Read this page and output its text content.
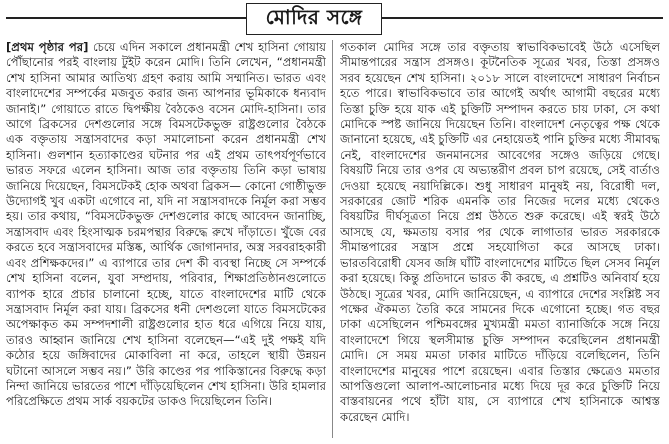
মোদির সঙ্গে

[প্রথম পৃষ্ঠার পর] চেয়ে এদিন সকালে প্রধানমন্ত্রী শেখ হাসিনা গোয়ায় পৌঁছানোর পরই বাংলায় টুইট করেন মোদি। তিনি লেখেন, “প্রধানমন্ত্রী শেখ হাসিনা আমার আতিথ্য গ্রহণ করায় আমি সম্মানিত। ভারত এবং বাংলাদেশের সম্পর্কের মজবুত করার জন্য আপনার ভূমিকাকে ধন্যবাদ জানাই।” গোয়াতে রাতে দ্বিপক্ষীয় বৈঠকেও বসেন মোদি-হাসিনা। তার আগে ব্রিকসের দেশগুলোর সঙ্গে বিমসটেকভুক্ত রাষ্ট্রগুলোর বৈঠকে এক বক্তৃতায় সন্ত্রাসবাদের কড়া সমালোচনা করেন প্রধানমন্ত্রী শেখ হাসিনা। গুলশান হত্যাকাণ্ডের ঘটনার পর এই প্রথম তাৎপর্যপূর্ণভাবে ভারত সফরে এলেন হাসিনা। আজ তার বক্তৃতায় তিনি কড়া ভাষায় জানিয়ে দিয়েছেন, বিমসটেকই হোক অথবা ব্রিকস— কোনো গোষ্ঠীভুক্ত উদ্যোগই খুব একটা এগোবে না, যদি না সন্ত্রাসবাদকে নির্মূল করা সম্ভব হয়। তার কথায়, “বিমসটেকভুক্ত দেশগুলোর কাছে আবেদন জানাচ্ছি, সন্ত্রাসবাদ এবং হিংসাত্মক চরমপন্থার বিরুদ্ধে রুখে দাঁড়াতে। খুঁজে বের করতে হবে সন্ত্রাসবাদের মস্তিষ্ক, আর্থিক জোগানদার, অস্ত্র সরবরাহকারী এবং প্রশিক্ষকদের।” এ ব্যাপারে তার দেশ কী ব্যবস্থা নিচ্ছে সে সম্পর্কে শেখ হাসিনা বলেন, যুবা সম্প্রদায়, পরিবার, শিক্ষাপ্রতিষ্ঠানগুলোতে ব্যাপক হারে প্রচার চালানো হচ্ছে, যাতে বাংলাদেশের মাটি থেকে সন্ত্রাসবাদ নির্মূল করা যায়। ব্রিকসের ধনী দেশগুলো যাতে বিমসটেকের অপেক্ষাকৃত কম সম্পদশালী রাষ্ট্রগুলোর হাত ধরে এগিয়ে নিয়ে যায়, তারও আহ্বান জানিয়ে শেখ হাসিনা বলেছেন—“এই দুই পক্ষই যদি কঠোর হয়ে জঙ্গিবাদের মোকাবিলা না করে, তাহলে স্থায়ী উন্নয়ন ঘটানো আসলে সম্ভব নয়।” উরি কাণ্ডের পর পাকিস্তানের বিরুদ্ধে কড়া নিন্দা জানিয়ে ভারতের পাশে দাঁড়িয়েছিলেন শেখ হাসিনা। উরি হামলার পরিপ্রেক্ষিতে প্রথম সার্ক বয়কটের ডাকও দিয়েছিলেন তিনি।

গতকাল মোদির সঙ্গে তার বক্তৃতায় স্বাভাবিকভাবেই উঠে এসেছিল সীমান্তপারের সন্ত্রাস প্রসঙ্গও। কূটনৈতিক সূত্রের খবর, তিস্তা প্রসঙ্গও সরব হয়েছেন শেখ হাসিনা। ২০১৮ সালে বাংলাদেশে সাধারণ নির্বাচন হতে পারে। স্বাভাবিকভাবে তার আগেই অর্থাৎ আগামী বছরের মধ্যে তিস্তা চুক্তি হয়ে যাক এই চুক্তিটি সম্পাদন করতে চায় ঢাকা, সে কথা মোদিকে স্পষ্ট জানিয়ে দিয়েছেন তিনি। বাংলাদেশ নেতৃত্বের পক্ষ থেকে জানানো হয়েছে, এই চুক্তিটি এর নেহায়েতই পানি চুক্তির মধ্যে সীমাবদ্ধ নেই, বাংলাদেশের জনমানসের আবেগের সঙ্গেও জড়িয়ে গেছে। বিষয়টি নিয়ে তার ওপর যে অভ্যন্তরীণ প্রবল চাপ রয়েছে, সেই বার্তাও দেওয়া হয়েছে নয়াদিল্লিকে। শুধু সাধারণ মানুষই নয়, বিরোধী দল, সরকারের জোট শরিক এমনকি তার নিজের দলের মধ্যে থেকেও বিষয়টির দীর্ঘসূত্রতা নিয়ে প্রশ্ন উঠতে শুরু করেছে। এই স্বরই উঠে আসছে যে, ক্ষমতায় বসার পর থেকে লাগাতার ভারত সরকারকে সীমান্তপারের সন্ত্রাস প্রশ্নে সহযোগিতা করে আসছে ঢাকা। ভারতবিরোধী যেসব জঙ্গি ঘাঁটি বাংলাদেশের মাটিতে ছিল সেসব নির্মূল করা হয়েছে। কিন্তু প্রতিদানে ভারত কী করছে, এ প্রশ্নটিও অনিবার্য হয়ে উঠছে। সূত্রের খবর, মোদি জানিয়েছেন, এ ব্যাপারে দেশের সংশ্লিষ্ট সব পক্ষের ঐকমত্য তৈরি করে সামনের দিকে এগোনো হচ্ছে। গত বছর ঢাকা এসেছিলেন পশ্চিমবঙ্গের মুখ্যমন্ত্রী মমতা ব্যানার্জিকে সঙ্গে নিয়ে বাংলাদেশে গিয়ে স্থলসীমান্ত চুক্তি সম্পাদন করেছিলেন প্রধানমন্ত্রী মোদি। সে সময় মমতা ঢাকার মাটিতে দাঁড়িয়ে বলেছিলেন, তিনি বাংলাদেশের মানুষের পাশে রয়েছেন। এবার তিস্তার ক্ষেত্রেও মমতার আপত্তিগুলো আলাপ-আলোচনার মধ্যে দিয়ে দূর করে চুক্তিটি নিয়ে বাস্তবায়নের পথে হাঁটা যায়, সে ব্যাপারে শেখ হাসিনাকে আশ্বস্ত করেছেন মোদি।
